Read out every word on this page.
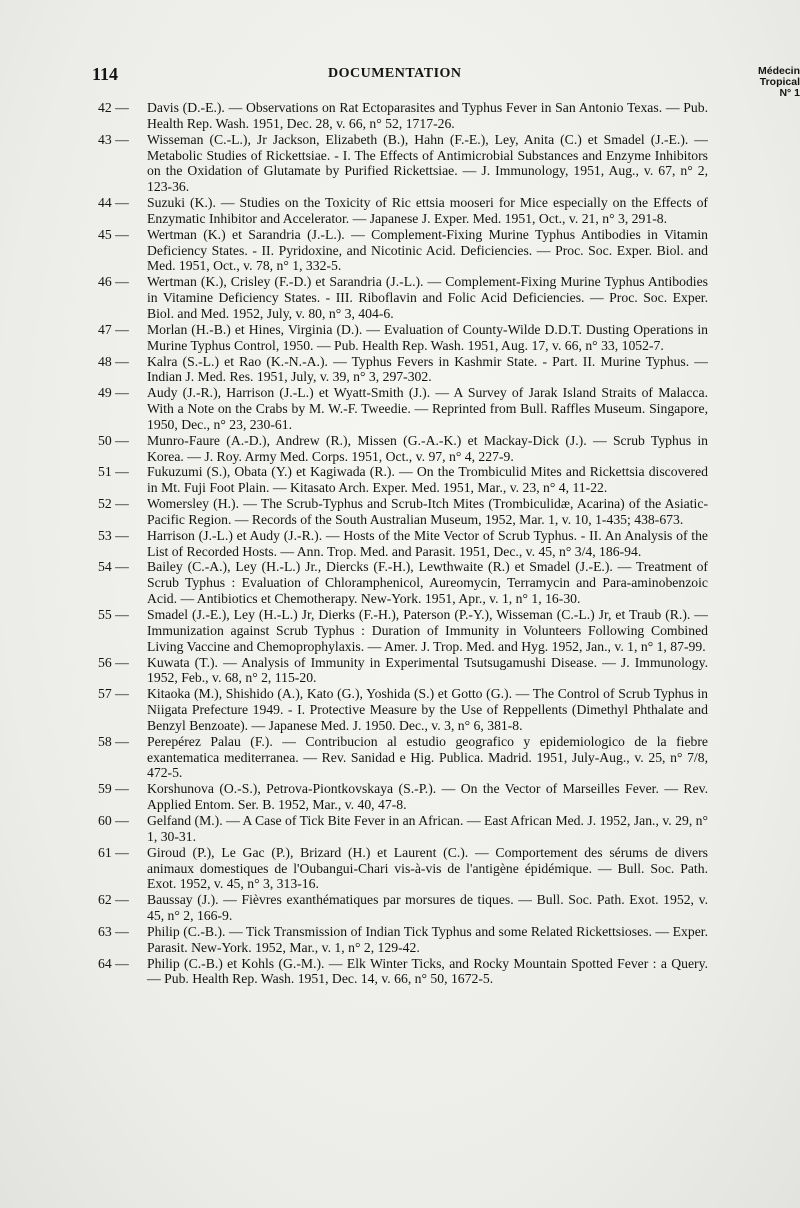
114	DOCUMENTATION	Médecin
Tropical
N° 1
42 —	Davis (D.-E.). — Observations on Rat Ectoparasites and Typhus Fever in San Antonio Texas. — Pub. Health Rep. Wash. 1951, Dec. 28, v. 66, n° 52, 1717-26.
43 —	Wisseman (C.-L.), Jr Jackson, Elizabeth (B.), Hahn (F.-E.), Ley, Anita (C.) et Smadel (J.-E.). — Metabolic Studies of Rickettsiae. - I. The Effects of Antimicrobial Substances and Enzyme Inhibitors on the Oxidation of Glutamate by Purified Rickettsiae. — J. Immunology, 1951, Aug., v. 67, n° 2, 123-36.
44 —	Suzuki (K.). — Studies on the Toxicity of Ric ettsia mooseri for Mice especially on the Effects of Enzymatic Inhibitor and Accelerator. — Japanese J. Exper. Med. 1951, Oct., v. 21, n° 3, 291-8.
45 —	Wertman (K.) et Sarandria (J.-L.). — Complement-Fixing Murine Typhus Antibodies in Vitamin Deficiency States. - II. Pyridoxine, and Nicotinic Acid. Deficiencies. — Proc. Soc. Exper. Biol. and Med. 1951, Oct., v. 78, n° 1, 332-5.
46 —	Wertman (K.), Crisley (F.-D.) et Sarandria (J.-L.). — Complement-Fixing Murine Typhus Antibodies in Vitamine Deficiency States. - III. Riboflavin and Folic Acid Deficiencies. — Proc. Soc. Exper. Biol. and Med. 1952, July, v. 80, n° 3, 404-6.
47 —	Morlan (H.-B.) et Hines, Virginia (D.). — Evaluation of County-Wilde D.D.T. Dusting Operations in Murine Typhus Control, 1950. — Pub. Health Rep. Wash. 1951, Aug. 17, v. 66, n° 33, 1052-7.
48 —	Kalra (S.-L.) et Rao (K.-N.-A.). — Typhus Fevers in Kashmir State. - Part. II. Murine Typhus. — Indian J. Med. Res. 1951, July, v. 39, n° 3, 297-302.
49 —	Audy (J.-R.), Harrison (J.-L.) et Wyatt-Smith (J.). — A Survey of Jarak Island Straits of Malacca. With a Note on the Crabs by M. W.-F. Tweedie. — Reprinted from Bull. Raffles Museum. Singapore, 1950, Dec., n° 23, 230-61.
50 —	Munro-Faure (A.-D.), Andrew (R.), Missen (G.-A.-K.) et Mackay-Dick (J.). — Scrub Typhus in Korea. — J. Roy. Army Med. Corps. 1951, Oct., v. 97, n° 4, 227-9.
51 —	Fukuzumi (S.), Obata (Y.) et Kagiwada (R.). — On the Trombiculid Mites and Rickettsia discovered in Mt. Fuji Foot Plain. — Kitasato Arch. Exper. Med. 1951, Mar., v. 23, n° 4, 11-22.
52 —	Womersley (H.). — The Scrub-Typhus and Scrub-Itch Mites (Trombiculidæ, Acarina) of the Asiatic-Pacific Region. — Records of the South Australian Museum, 1952, Mar. 1, v. 10, 1-435; 438-673.
53 —	Harrison (J.-L.) et Audy (J.-R.). — Hosts of the Mite Vector of Scrub Typhus. - II. An Analysis of the List of Recorded Hosts. — Ann. Trop. Med. and Parasit. 1951, Dec., v. 45, n° 3/4, 186-94.
54 —	Bailey (C.-A.), Ley (H.-L.) Jr., Diercks (F.-H.), Lewthwaite (R.) et Smadel (J.-E.). — Treatment of Scrub Typhus : Evaluation of Chloramphenicol, Aureomycin, Terramycin and Para-aminobenzoic Acid. — Antibiotics et Chemotherapy. New-York. 1951, Apr., v. 1, n° 1, 16-30.
55 —	Smadel (J.-E.), Ley (H.-L.) Jr, Dierks (F.-H.), Paterson (P.-Y.), Wisseman (C.-L.) Jr, et Traub (R.). — Immunization against Scrub Typhus : Duration of Immunity in Volunteers Following Combined Living Vaccine and Chemoprophylaxis. — Amer. J. Trop. Med. and Hyg. 1952, Jan., v. 1, n° 1, 87-99.
56 —	Kuwata (T.). — Analysis of Immunity in Experimental Tsutsugamushi Disease. — J. Immunology. 1952, Feb., v. 68, n° 2, 115-20.
57 —	Kitaoka (M.), Shishido (A.), Kato (G.), Yoshida (S.) et Gotto (G.). — The Control of Scrub Typhus in Niigata Prefecture 1949. - I. Protective Measure by the Use of Reppellents (Dimethyl Phthalate and Benzyl Benzoate). — Japanese Med. J. 1950. Dec., v. 3, n° 6, 381-8.
58 —	Perepérez Palau (F.). — Contribucion al estudio geografico y epidemiologico de la fiebre exantematica mediterranea. — Rev. Sanidad e Hig. Publica. Madrid. 1951, July-Aug., v. 25, n° 7/8, 472-5.
59 —	Korshunova (O.-S.), Petrova-Piontkovskaya (S.-P.). — On the Vector of Marseilles Fever. — Rev. Applied Entom. Ser. B. 1952, Mar., v. 40, 47-8.
60 —	Gelfand (M.). — A Case of Tick Bite Fever in an African. — East African Med. J. 1952, Jan., v. 29, n° 1, 30-31.
61 —	Giroud (P.), Le Gac (P.), Brizard (H.) et Laurent (C.). — Comportement des sérums de divers animaux domestiques de l'Oubangui-Chari vis-à-vis de l'antigène épidémique. — Bull. Soc. Path. Exot. 1952, v. 45, n° 3, 313-16.
62 —	Baussay (J.). — Fièvres exanthématiques par morsures de tiques. — Bull. Soc. Path. Exot. 1952, v. 45, n° 2, 166-9.
63 —	Philip (C.-B.). — Tick Transmission of Indian Tick Typhus and some Related Rickettsioses. — Exper. Parasit. New-York. 1952, Mar., v. 1, n° 2, 129-42.
64 —	Philip (C.-B.) et Kohls (G.-M.). — Elk Winter Ticks, and Rocky Mountain Spotted Fever : a Query. — Pub. Health Rep. Wash. 1951, Dec. 14, v. 66, n° 50, 1672-5.
